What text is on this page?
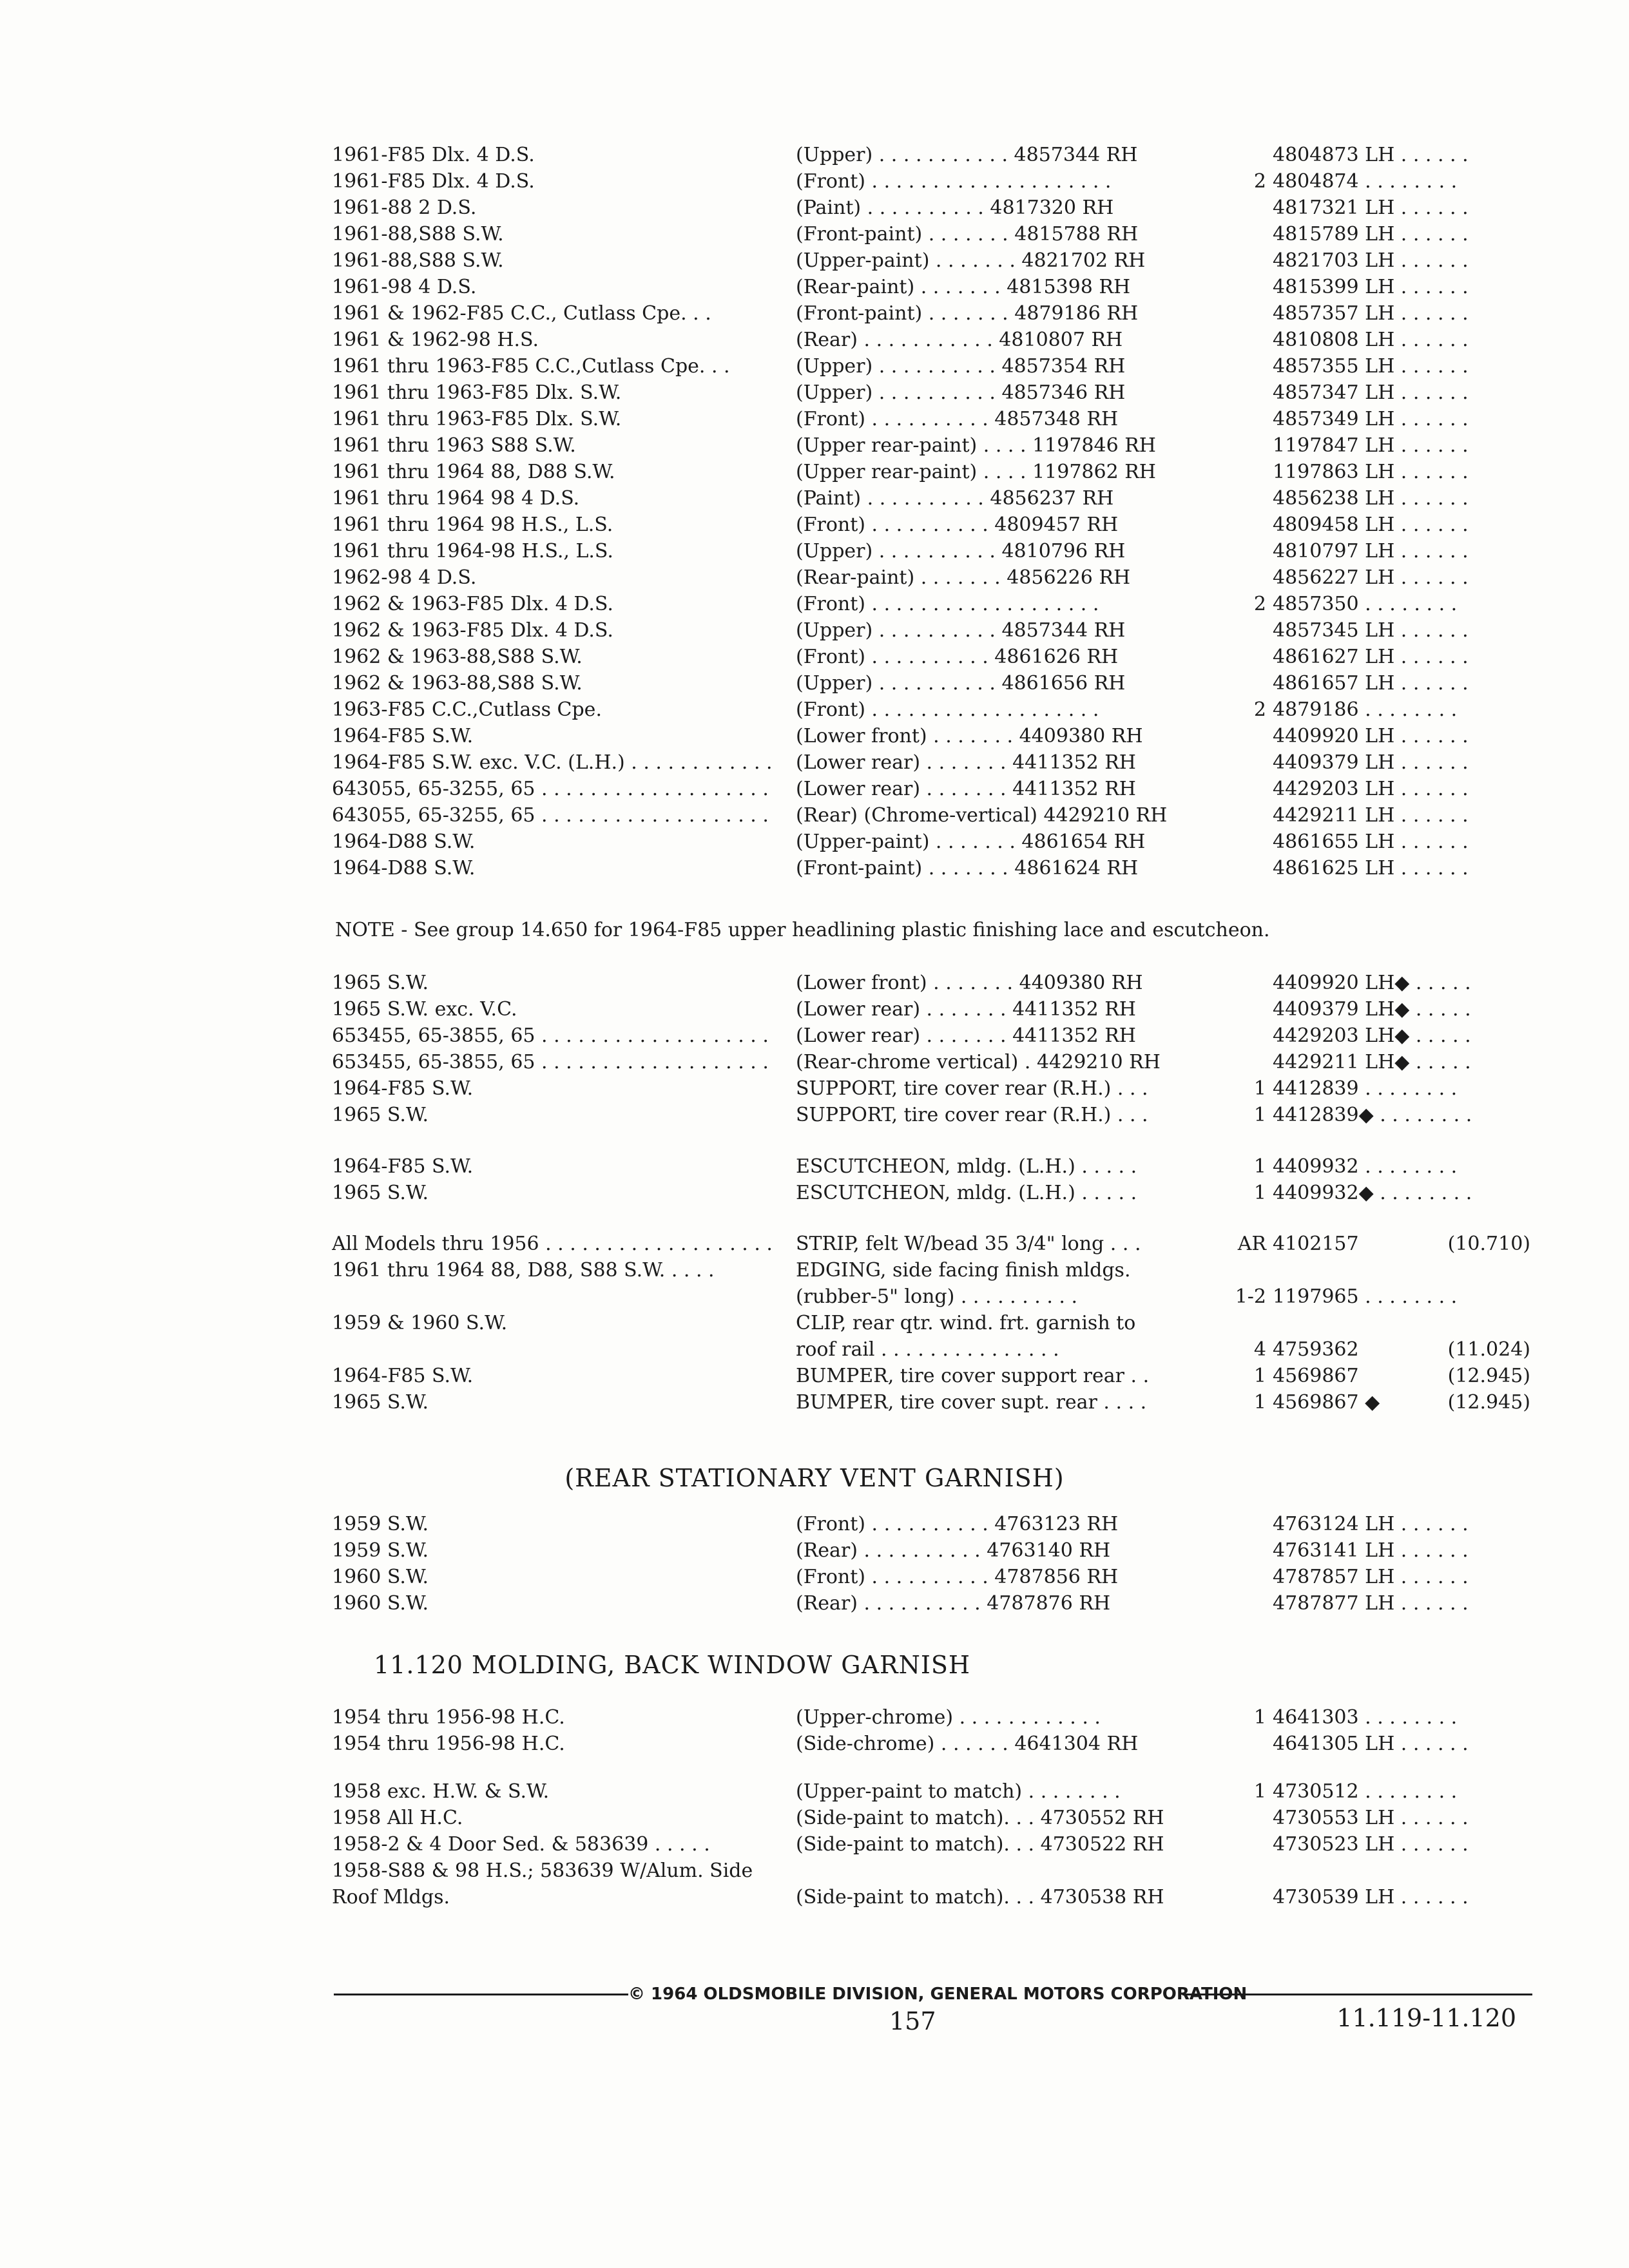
1961-F85 Dlx. 4 D.S.	(Upper) . . . . . . . . . . . 4857344 RH	4804873 LH . . . . . .
1961-F85 Dlx. 4 D.S.	(Front) . . . . . . . . . . . . . . . . . . . .	2 4804874 . . . . . . . .
1961-88 2 D.S.	(Paint) . . . . . . . . . . 4817320 RH	4817321 LH . . . . . .
1961-88,S88 S.W.	(Front-paint) . . . . . . . 4815788 RH	4815789 LH . . . . . .
1961-88,S88 S.W.	(Upper-paint) . . . . . . . 4821702 RH	4821703 LH . . . . . .
1961-98 4 D.S.	(Rear-paint) . . . . . . . 4815398 RH	4815399 LH . . . . . .
1961 & 1962-F85 C.C., Cutlass Cpe. . .	(Front-paint) . . . . . . . 4879186 RH	4857357 LH . . . . . .
1961 & 1962-98 H.S.	(Rear) . . . . . . . . . . . 4810807 RH	4810808 LH . . . . . .
1961 thru 1963-F85 C.C.,Cutlass Cpe. . .	(Upper) . . . . . . . . . . 4857354 RH	4857355 LH . . . . . .
1961 thru 1963-F85 Dlx. S.W.	(Upper) . . . . . . . . . . 4857346 RH	4857347 LH . . . . . .
1961 thru 1963-F85 Dlx. S.W.	(Front) . . . . . . . . . . 4857348 RH	4857349 LH . . . . . .
1961 thru 1963 S88 S.W.	(Upper rear-paint) . . . . 1197846 RH	1197847 LH . . . . . .
1961 thru 1964 88, D88 S.W.	(Upper rear-paint) . . . . 1197862 RH	1197863 LH . . . . . .
1961 thru 1964 98 4 D.S.	(Paint) . . . . . . . . . . 4856237 RH	4856238 LH . . . . . .
1961 thru 1964 98 H.S., L.S.	(Front) . . . . . . . . . . 4809457 RH	4809458 LH . . . . . .
1961 thru 1964-98 H.S., L.S.	(Upper) . . . . . . . . . . 4810796 RH	4810797 LH . . . . . .
1962-98 4 D.S.	(Rear-paint) . . . . . . . 4856226 RH	4856227 LH . . . . . .
1962 & 1963-F85 Dlx. 4 D.S.	(Front) . . . . . . . . . . . . . . . . . . .	2 4857350 . . . . . . . .
1962 & 1963-F85 Dlx. 4 D.S.	(Upper) . . . . . . . . . . 4857344 RH	4857345 LH . . . . . .
1962 & 1963-88,S88 S.W.	(Front) . . . . . . . . . . 4861626 RH	4861627 LH . . . . . .
1962 & 1963-88,S88 S.W.	(Upper) . . . . . . . . . . 4861656 RH	4861657 LH . . . . . .
1963-F85 C.C.,Cutlass Cpe.	(Front) . . . . . . . . . . . . . . . . . . .	2 4879186 . . . . . . . .
1964-F85 S.W.	(Lower front) . . . . . . . 4409380 RH	4409920 LH . . . . . .
1964-F85 S.W. exc. V.C. (L.H.) . . .	(Lower rear) . . . . . . . 4411352 RH	4409379 LH . . . . . .
643055, 65-3255, 65 . . .	(Lower rear) . . . . . . . 4411352 RH	4429203 LH . . . . . .
643055, 65-3255, 65 . . .	(Rear) (Chrome-vertical) 4429210 RH	4429211 LH . . . . . .
1964-D88 S.W.	(Upper-paint) . . . . . . . 4861654 RH	4861655 LH . . . . . .
1964-D88 S.W.	(Front-paint) . . . . . . . 4861624 RH	4861625 LH . . . . . .
NOTE - See group 14.650 for 1964-F85 upper headlining plastic finishing lace and escutcheon.
1965 S.W.	(Lower front) . . . . . . . 4409380 RH	4409920 LH◆ . . . . .
1965 S.W. exc. V.C.	(Lower rear) . . . . . . . 4411352 RH	4409379 LH◆ . . . . .
653455, 65-3855, 65 . . .	(Lower rear) . . . . . . . 4411352 RH	4429203 LH◆ . . . . .
653455, 65-3855, 65 . . .	(Rear-chrome vertical) . 4429210 RH	4429211 LH◆ . . . . .
1964-F85 S.W.	SUPPORT, tire cover rear (R.H.) . . .	1 4412839 . . . . . . . .
1965 S.W.	SUPPORT, tire cover rear (R.H.) . . .	1 4412839◆ . . . . . . . .
1964-F85 S.W.	ESCUTCHEON, mldg. (L.H.) . . . . .	1 4409932 . . . . . . . .
1965 S.W.	ESCUTCHEON, mldg. (L.H.) . . . . .	1 4409932◆ . . . . . . . .
All Models thru 1956 . . .	STRIP, felt W/bead 35 3/4" long . . .	AR 4102157	(10.710)
1961 thru 1964 88, D88, S88 S.W. . . . .	EDGING, side facing finish mldgs.
(rubber-5" long) . . . . . . . . . .	1-2 1197965 . . . . . . . .
1959 & 1960 S.W.	CLIP, rear qtr. wind. frt. garnish to
roof rail . . . . . . . . . . . . . . .	4 4759362	(11.024)
1964-F85 S.W.	BUMPER, tire cover support rear . .	1 4569867	(12.945)
1965 S.W.	BUMPER, tire cover supt. rear . . . .	1 4569867 ◆	(12.945)
(REAR STATIONARY VENT GARNISH)
1959 S.W.	(Front) . . . . . . . . . . 4763123 RH	4763124 LH . . . . . .
1959 S.W.	(Rear) . . . . . . . . . . 4763140 RH	4763141 LH . . . . . .
1960 S.W.	(Front) . . . . . . . . . . 4787856 RH	4787857 LH . . . . . .
1960 S.W.	(Rear) . . . . . . . . . . 4787876 RH	4787877 LH . . . . . .
11.120 MOLDING, BACK WINDOW GARNISH
1954 thru 1956-98 H.C.	(Upper-chrome) . . . . . . . . . . . .	1 4641303 . . . . . . . .
1954 thru 1956-98 H.C.	(Side-chrome) . . . . . . 4641304 RH	4641305 LH . . . . . .
1958 exc. H.W. & S.W.	(Upper-paint to match) . . . . . . . .	1 4730512 . . . . . . . .
1958 All H.C.	(Side-paint to match). . . 4730552 RH	4730553 LH . . . . . .
1958-2 & 4 Door Sed. & 583639 . . . . .	(Side-paint to match). . . 4730522 RH	4730523 LH . . . . . .
1958-S88 & 98 H.S.; 583639 W/Alum. Side
Roof Mldgs.	(Side-paint to match). . . 4730538 RH	4730539 LH . . . . . .
© 1964 OLDSMOBILE DIVISION, GENERAL MOTORS CORPORATION
157	11.119-11.120
